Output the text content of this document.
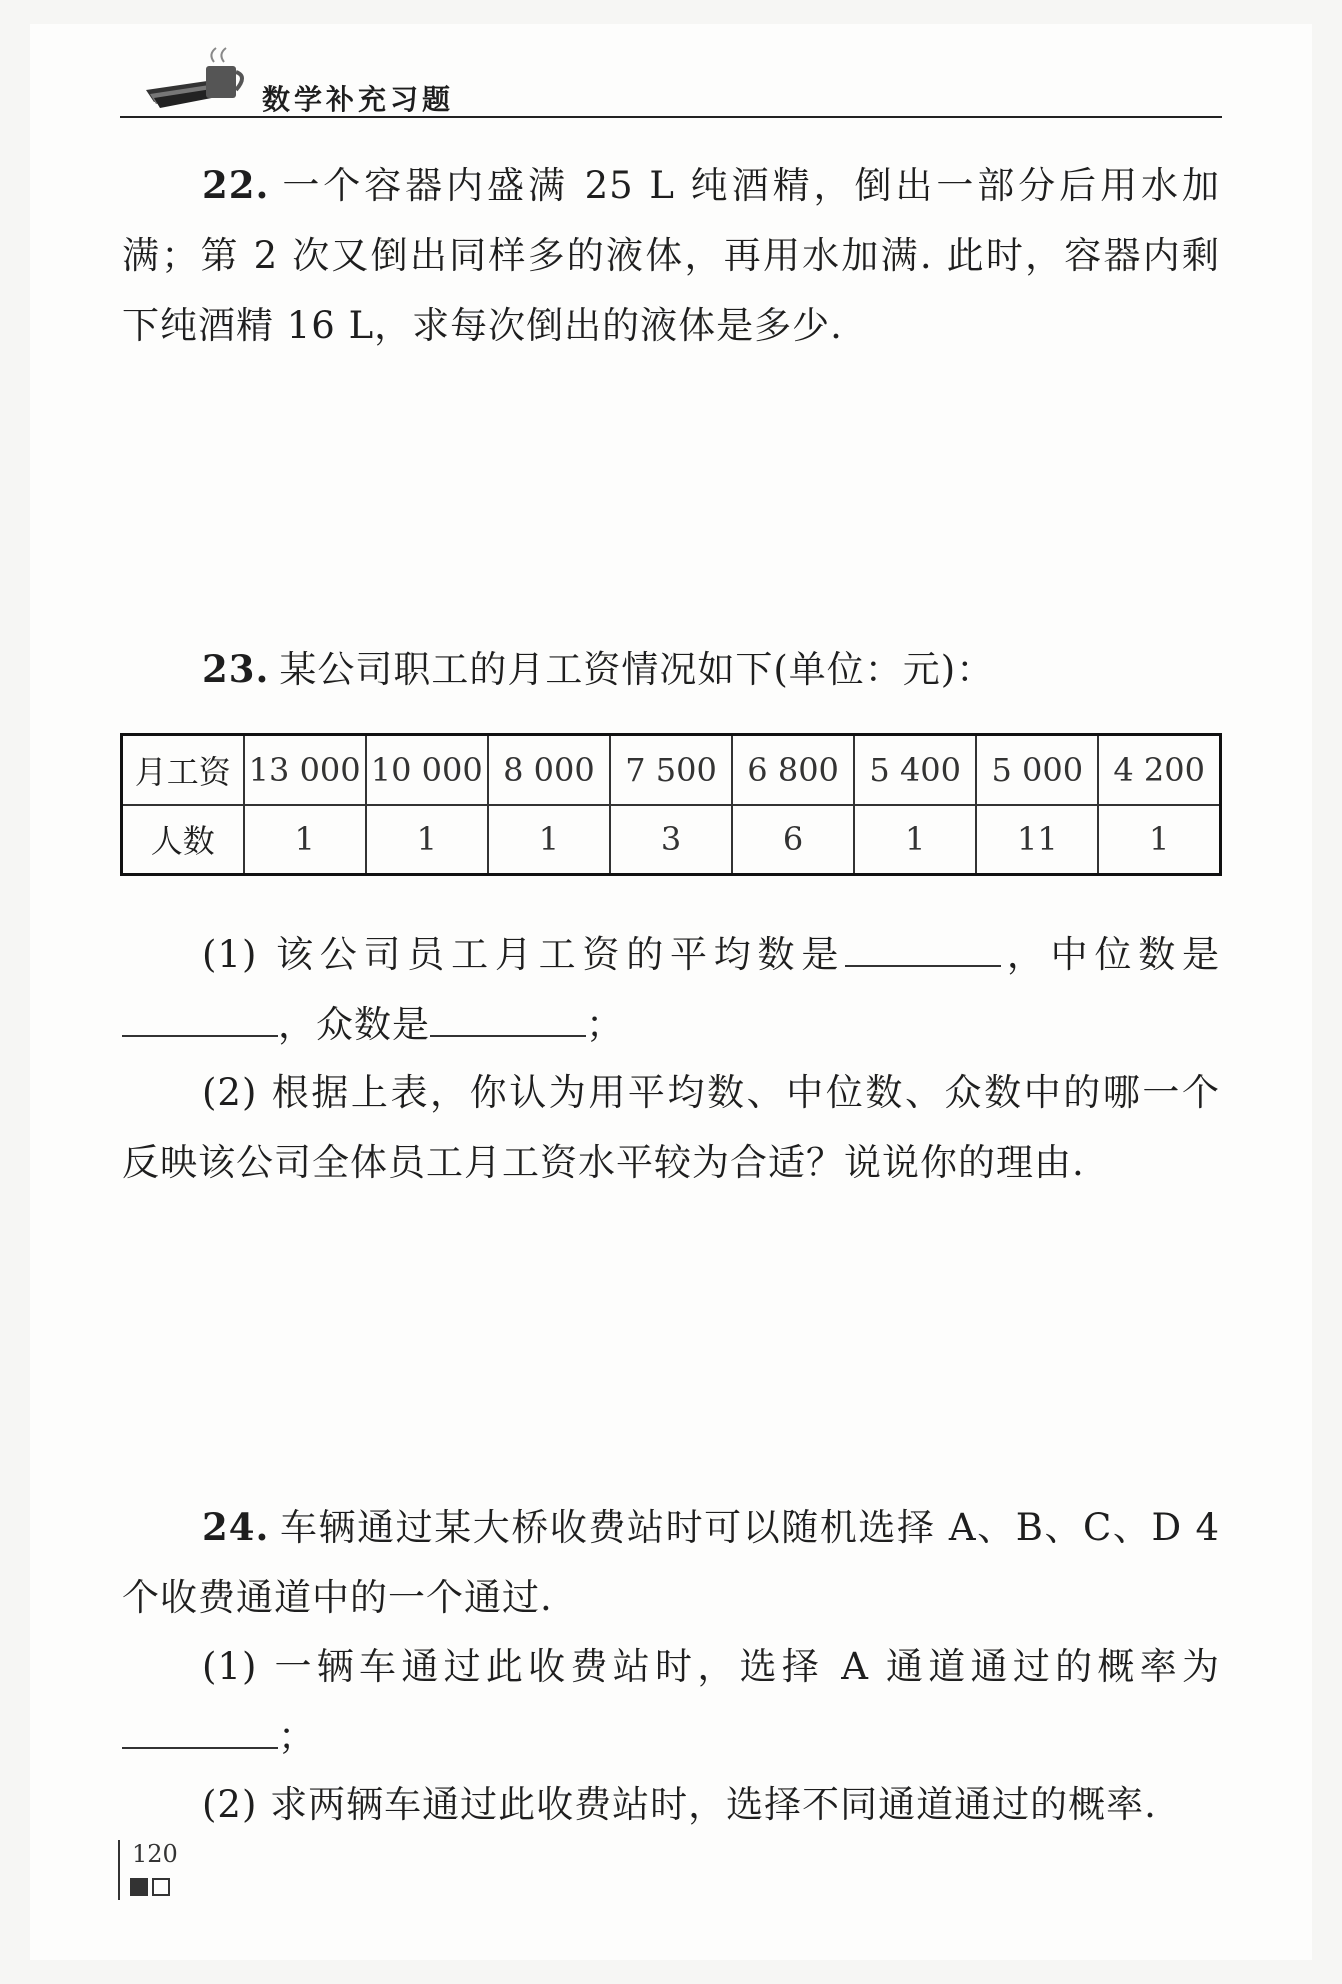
数学补充习题
22. 一个容器内盛满 25 L 纯酒精，倒出一部分后用水加满；第 2 次又倒出同样多的液体，再用水加满. 此时，容器内剩下纯酒精 16 L，求每次倒出的液体是多少.
23. 某公司职工的月工资情况如下(单位：元)：
月工资	13 000	10 000	8 000	7 500	6 800	5 400	5 000	4 200
人数	1	1	1	3	6	1	11	1
(1) 该公司员工月工资的平均数是	，中位数是，众数是	；
(2) 根据上表，你认为用平均数、中位数、众数中的哪一个反映该公司全体员工月工资水平较为合适？说说你的理由.
24. 车辆通过某大桥收费站时可以随机选择 A、B、C、D 4 个收费通道中的一个通过.
(1) 一辆车通过此收费站时，选择 A 通道通过的概率为；
(2) 求两辆车通过此收费站时，选择不同通道通过的概率.
120
